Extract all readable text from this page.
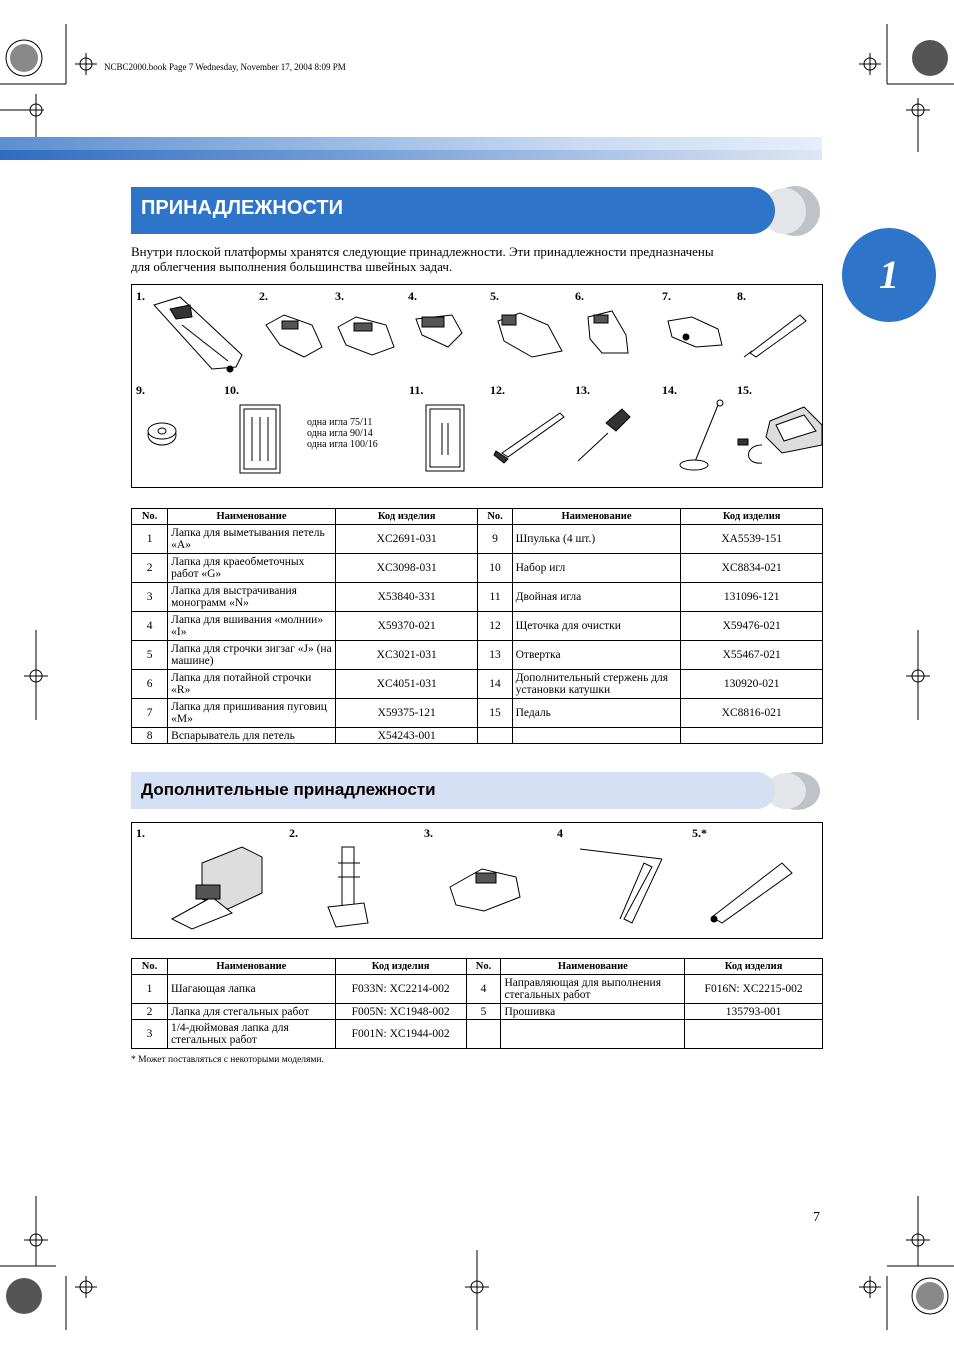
NCBC2000.book Page 7 Wednesday, November 17, 2004 8:09 PM
1
ПРИНАДЛЕЖНОСТИ
Внутри плоской платформы хранятся следующие принадлежности. Эти принадлежности предназначены
для облегчения выполнения большинства швейных задач.
1.	2.	3.	4.	5.	6.	7.	8.
9.	10.	11.	12.	13.	14.	15.
одна игла 75/11
одна игла 90/14
одна игла 100/16
No.	Наименование	Код изделия	No.	Наименование	Код изделия
1	Лапка для выметывания петель «А»	XC2691-031	9	Шпулька (4 шт.)	XA5539-151
2	Лапка для краеобметочных работ «G»	XC3098-031	10	Набор игл	XC8834-021
3	Лапка для выстрачивания монограмм «N»	X53840-331	11	Двойная игла	131096-121
4	Лапка для вшивания «молнии» «I»	X59370-021	12	Щеточка для очистки	X59476-021
5	Лапка для строчки зигзаг «J» (на машине)	XC3021-031	13	Отвертка	X55467-021
6	Лапка для потайной строчки «R»	XC4051-031	14	Дополнительный стержень для установки катушки	130920-021
7	Лапка для пришивания пуговиц «M»	X59375-121	15	Педаль	XC8816-021
8	Вспарыватель для петель	X54243-001			
Дополнительные принадлежности
1.	2.	3.	4	5.*
No.	Наименование	Код изделия	No.	Наименование	Код изделия
1	Шагающая лапка	F033N: XC2214-002	4	Направляющая для выполнения стегальных работ	F016N: XC2215-002
2	Лапка для стегальных работ	F005N: XC1948-002	5	Прошивка	135793-001
3	1/4-дюймовая лапка для стегальных работ	F001N: XC1944-002			
* Может поставляться с некоторыми моделями.
7
